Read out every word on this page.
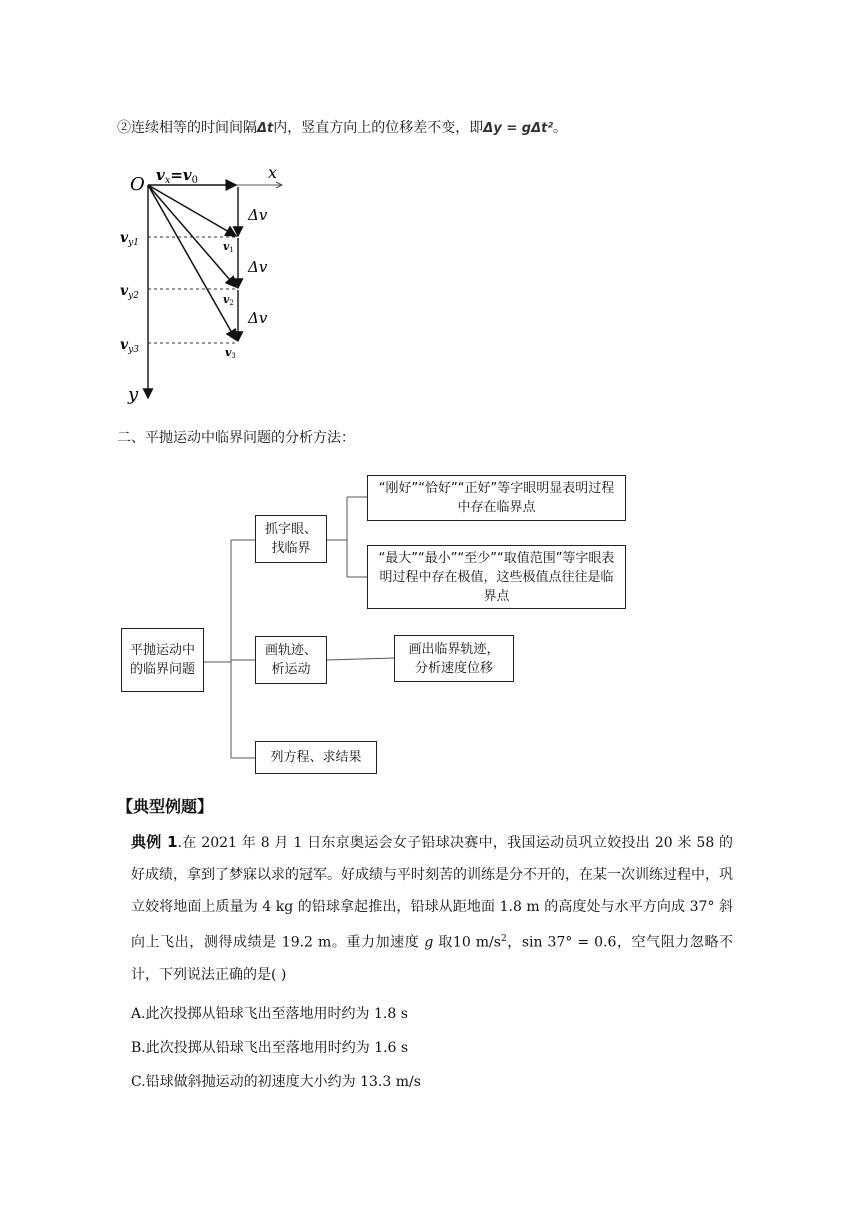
②连续相等的时间间隔Δt内，竖直方向上的位移差不变，即Δy = gΔt²。
O $v_x=v_0$	x
y
Δv
Δv
Δv
$v_{y1}$
$v_{y2}$
$v_{y3}$
v1
v2
v3
二、平抛运动中临界问题的分析方法：
平抛运动中的临界问题
抓字眼、找临界
“刚好”“恰好”“正好”等字眼明显表明过程中存在临界点
“最大”“最小”“至少”“取值范围”等字眼表明过程中存在极值，这些极值点往往是临界点
画轨迹、析运动
画出临界轨迹，分析速度位移
列方程、求结果
【典型例题】
典例 1.在 2021 年 8 月 1 日东京奥运会女子铅球决赛中，我国运动员巩立姣投出 20 米 58 的好成绩，拿到了梦寐以求的冠军。好成绩与平时刻苦的训练是分不开的，在某一次训练过程中，巩立姣将地面上质量为 4 kg 的铅球拿起推出，铅球从距地面 1.8 m 的高度处与水平方向成 37° 斜向上飞出，测得成绩是 19.2 m。重力加速度 g 取10 $m/s^2$，sin 37° = 0.6，空气阻力忽略不计，下列说法正确的是( )
A.此次投掷从铅球飞出至落地用时约为 1.8 s
B.此次投掷从铅球飞出至落地用时约为 1.6 s
C.铅球做斜抛运动的初速度大小约为 13.3 m/s
